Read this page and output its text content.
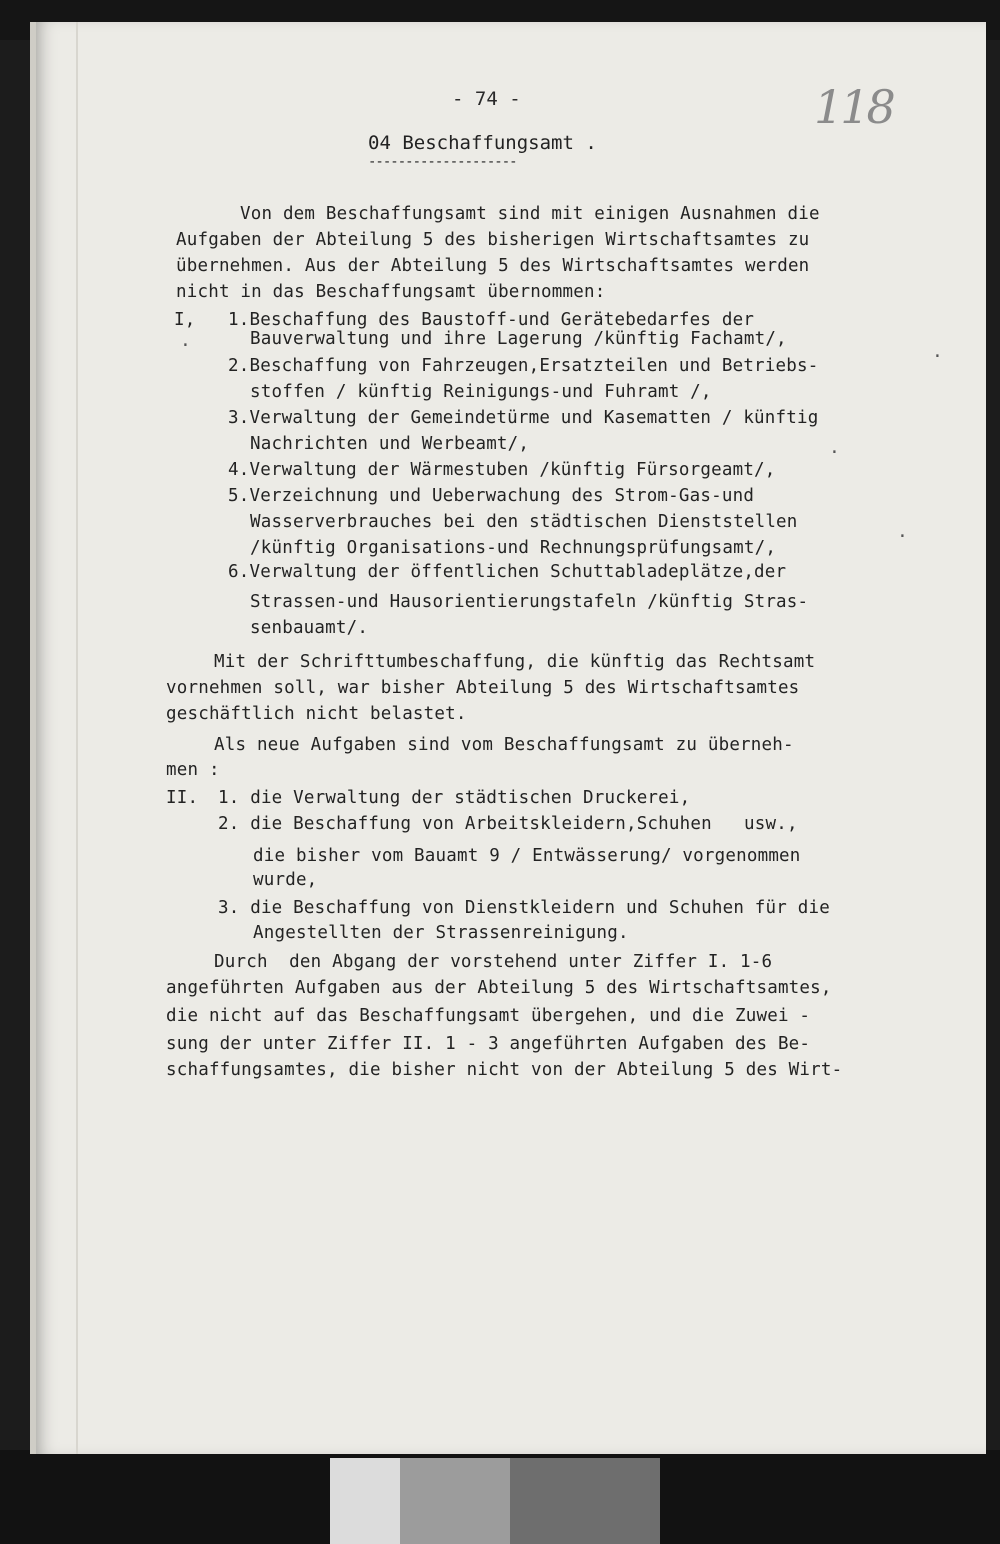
- 74 -	118
04 Beschaffungsamt .
--------------------
Von dem Beschaffungsamt sind mit einigen Ausnahmen die
Aufgaben der Abteilung 5 des bisherigen Wirtschaftsamtes zu
übernehmen. Aus der Abteilung 5 des Wirtschaftsamtes werden
nicht in das Beschaffungsamt übernommen:
I, 1.Beschaffung des Baustoff-und Gerätebedarfes der
Bauverwaltung und ihre Lagerung /künftig Fachamt/,
2.Beschaffung von Fahrzeugen,Ersatzteilen und Betriebs-
stoffen / künftig Reinigungs-und Fuhramt /,
3.Verwaltung der Gemeindetürme und Kasematten / künftig
Nachrichten und Werbeamt/,
4.Verwaltung der Wärmestuben /künftig Fürsorgeamt/,
5.Verzeichnung und Ueberwachung des Strom-Gas-und
Wasserverbrauches bei den städtischen Dienststellen
/künftig Organisations-und Rechnungsprüfungsamt/,
6.Verwaltung der öffentlichen Schuttabladeplätze,der
Strassen-und Hausorientierungstafeln /künftig Stras-
senbauamt/.
Mit der Schrifttumbeschaffung, die künftig das Rechtsamt
vornehmen soll, war bisher Abteilung 5 des Wirtschaftsamtes
geschäftlich nicht belastet.
Als neue Aufgaben sind vom Beschaffungsamt zu überneh-
men :
II. 1. die Verwaltung der städtischen Druckerei,
2. die Beschaffung von Arbeitskleidern,Schuhen   usw.,
die bisher vom Bauamt 9 / Entwässerung/ vorgenommen
wurde,
3. die Beschaffung von Dienstkleidern und Schuhen für die
Angestellten der Strassenreinigung.
Durch  den Abgang der vorstehend unter Ziffer I. 1-6
angeführten Aufgaben aus der Abteilung 5 des Wirtschaftsamtes,
die nicht auf das Beschaffungsamt übergehen, und die Zuwei -
sung der unter Ziffer II. 1 - 3 angeführten Aufgaben des Be-
schaffungsamtes, die bisher nicht von der Abteilung 5 des Wirt-
·
·
·
·
